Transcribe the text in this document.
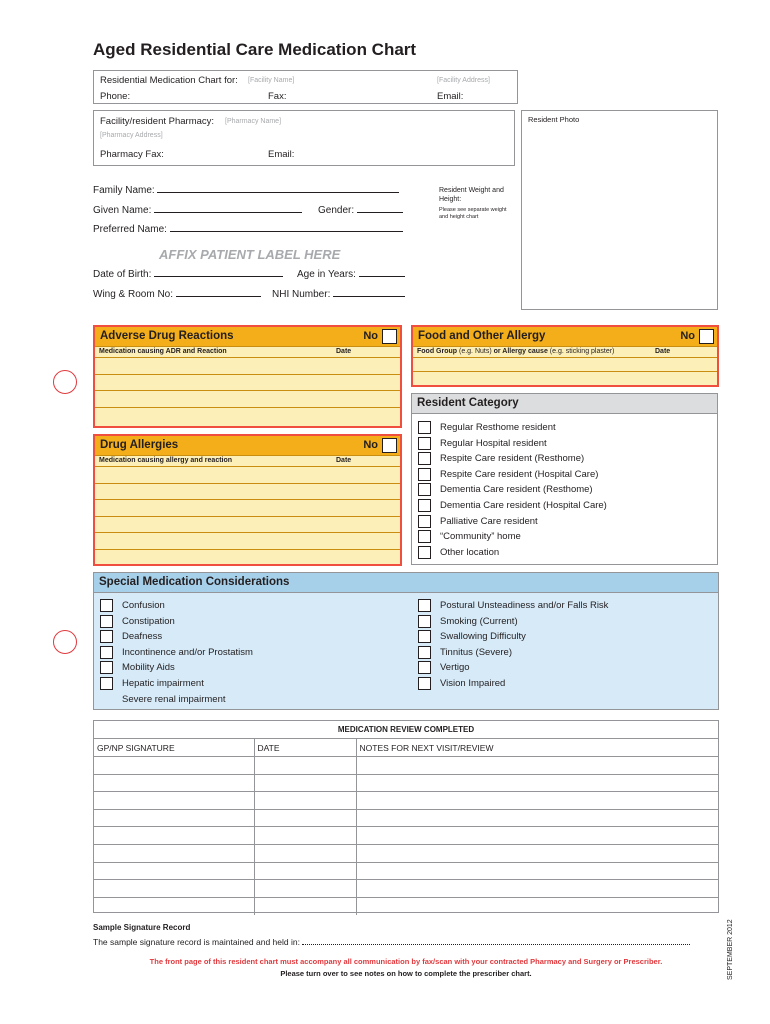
Aged Residential Care Medication Chart
Residential Medication Chart for: [Facility Name]	[Facility Address]
Phone:	Fax:	Email:
Facility/resident Pharmacy: [Pharmacy Name]
[Pharmacy Address]
Pharmacy Fax:	Email:
Resident Photo
Family Name:
Given Name:	Gender:
Preferred Name:
Resident Weight and Height:
Please see separate weight and height chart
AFFIX PATIENT LABEL HERE
Date of Birth:	Age in Years:
Wing & Room No:	NHI Number:
Adverse Drug Reactions	No
Medication causing ADR and Reaction	Date
Food and Other Allergy	No
Food Group (e.g. Nuts) or Allergy cause (e.g. sticking plaster)	Date
Resident Category
Regular Resthome resident
Regular Hospital resident
Respite Care resident (Resthome)
Respite Care resident (Hospital Care)
Dementia Care resident (Resthome)
Dementia Care resident (Hospital Care)
Palliative Care resident
“Community” home
Other location
Drug Allergies	No
Medication causing allergy and reaction	Date
Special Medication Considerations
Confusion
Constipation
Deafness
Incontinence and/or Prostatism
Mobility Aids
Hepatic impairment
Severe renal impairment
Postural Unsteadiness and/or Falls Risk
Smoking (Current)
Swallowing Difficulty
Tinnitus (Severe)
Vertigo
Vision Impaired
MEDICATION REVIEW COMPLETED
GP/NP SIGNATURE	DATE	NOTES FOR NEXT VISIT/REVIEW

Sample Signature Record
The sample signature record is maintained and held in:
The front page of this resident chart must accompany all communication by fax/scan with your contracted Pharmacy and Surgery or Prescriber.
Please turn over to see notes on how to complete the prescriber chart.	SEPTEMBER 2012
